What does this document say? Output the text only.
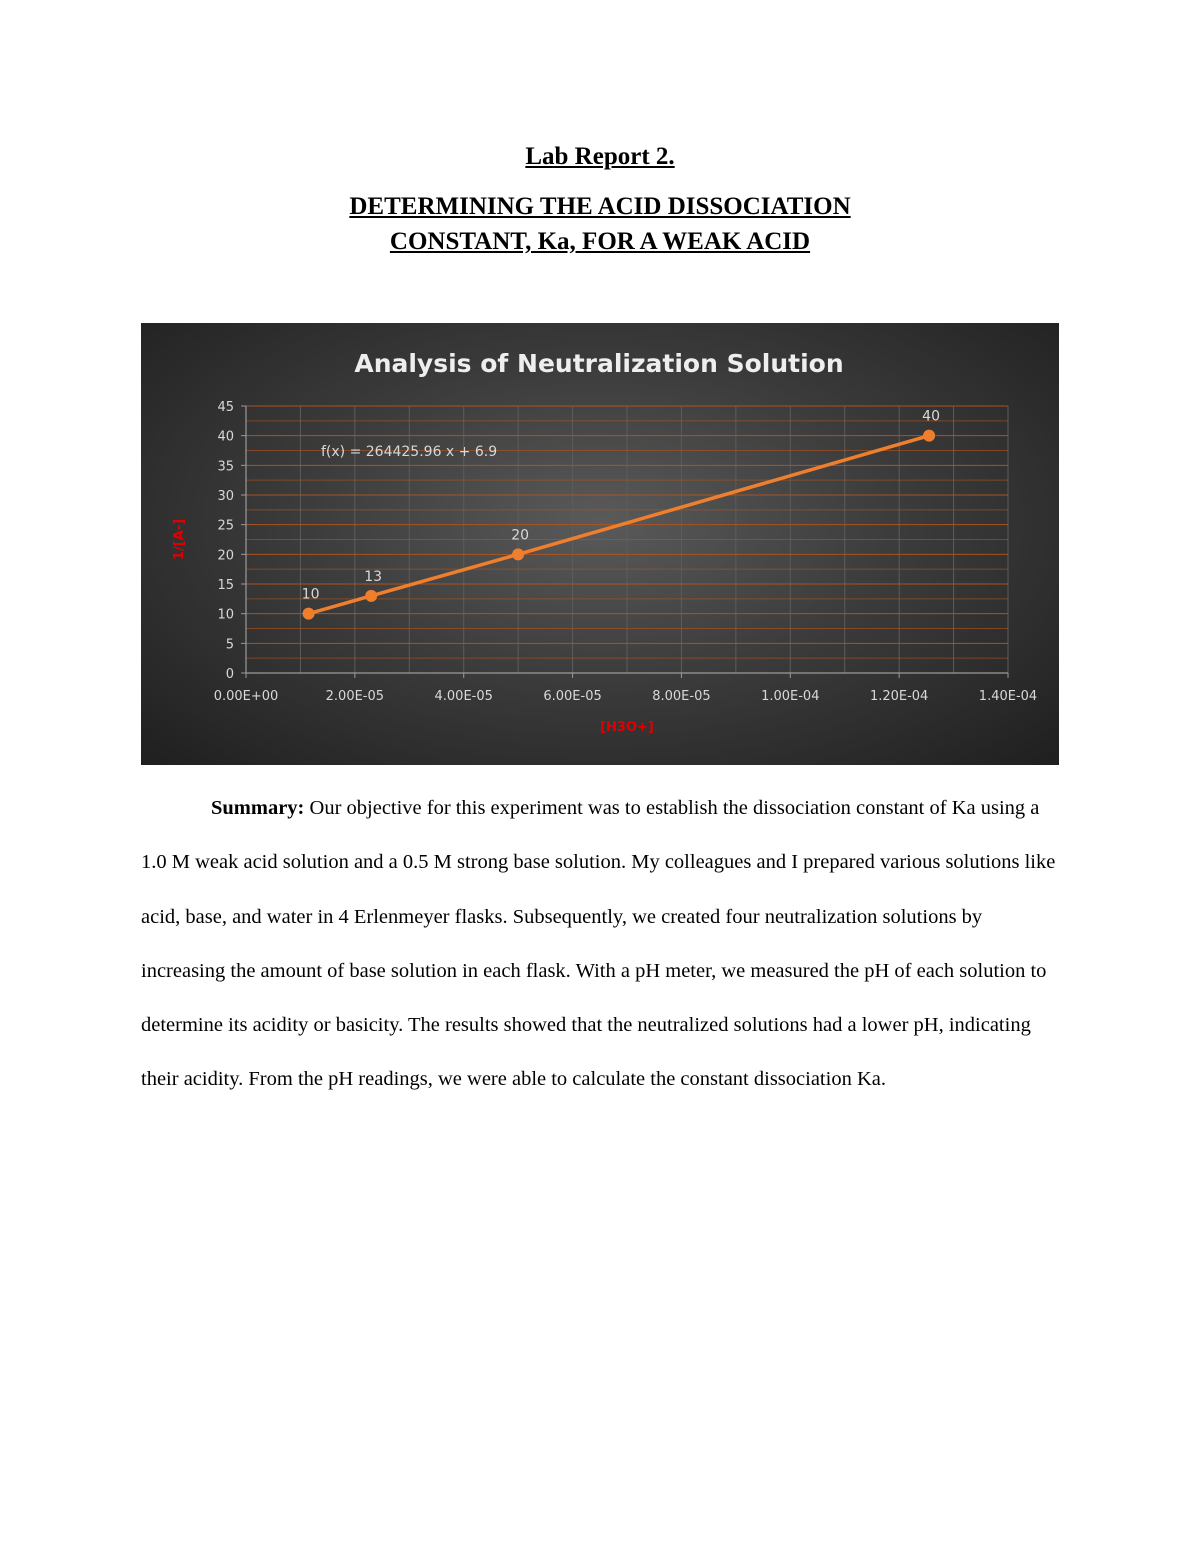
Lab Report 2.
DETERMINING THE ACID DISSOCIATION
CONSTANT, Ka, FOR A WEAK ACID
Analysis of Neutralization Solution
0
5
10
15
20
25
30
35
40
45
0.00E+00	2.00E-05	4.00E-05	6.00E-05	8.00E-05	1.00E-04	1.20E-04	1.40E-04
1/[A-]
[H3O+]
f(x) = 264425.96 x + 6.9
10
13
20
40

Summary: Our objective for this experiment was to establish the dissociation constant of Ka using a 1.0 M weak acid solution and a 0.5 M strong base solution. My colleagues and I prepared various solutions like acid, base, and water in 4 Erlenmeyer flasks. Subsequently, we created four neutralization solutions by increasing the amount of base solution in each flask. With a pH meter, we measured the pH of each solution to determine its acidity or basicity. The results showed that the neutralized solutions had a lower pH, indicating their acidity. From the pH readings, we were able to calculate the constant dissociation Ka.
